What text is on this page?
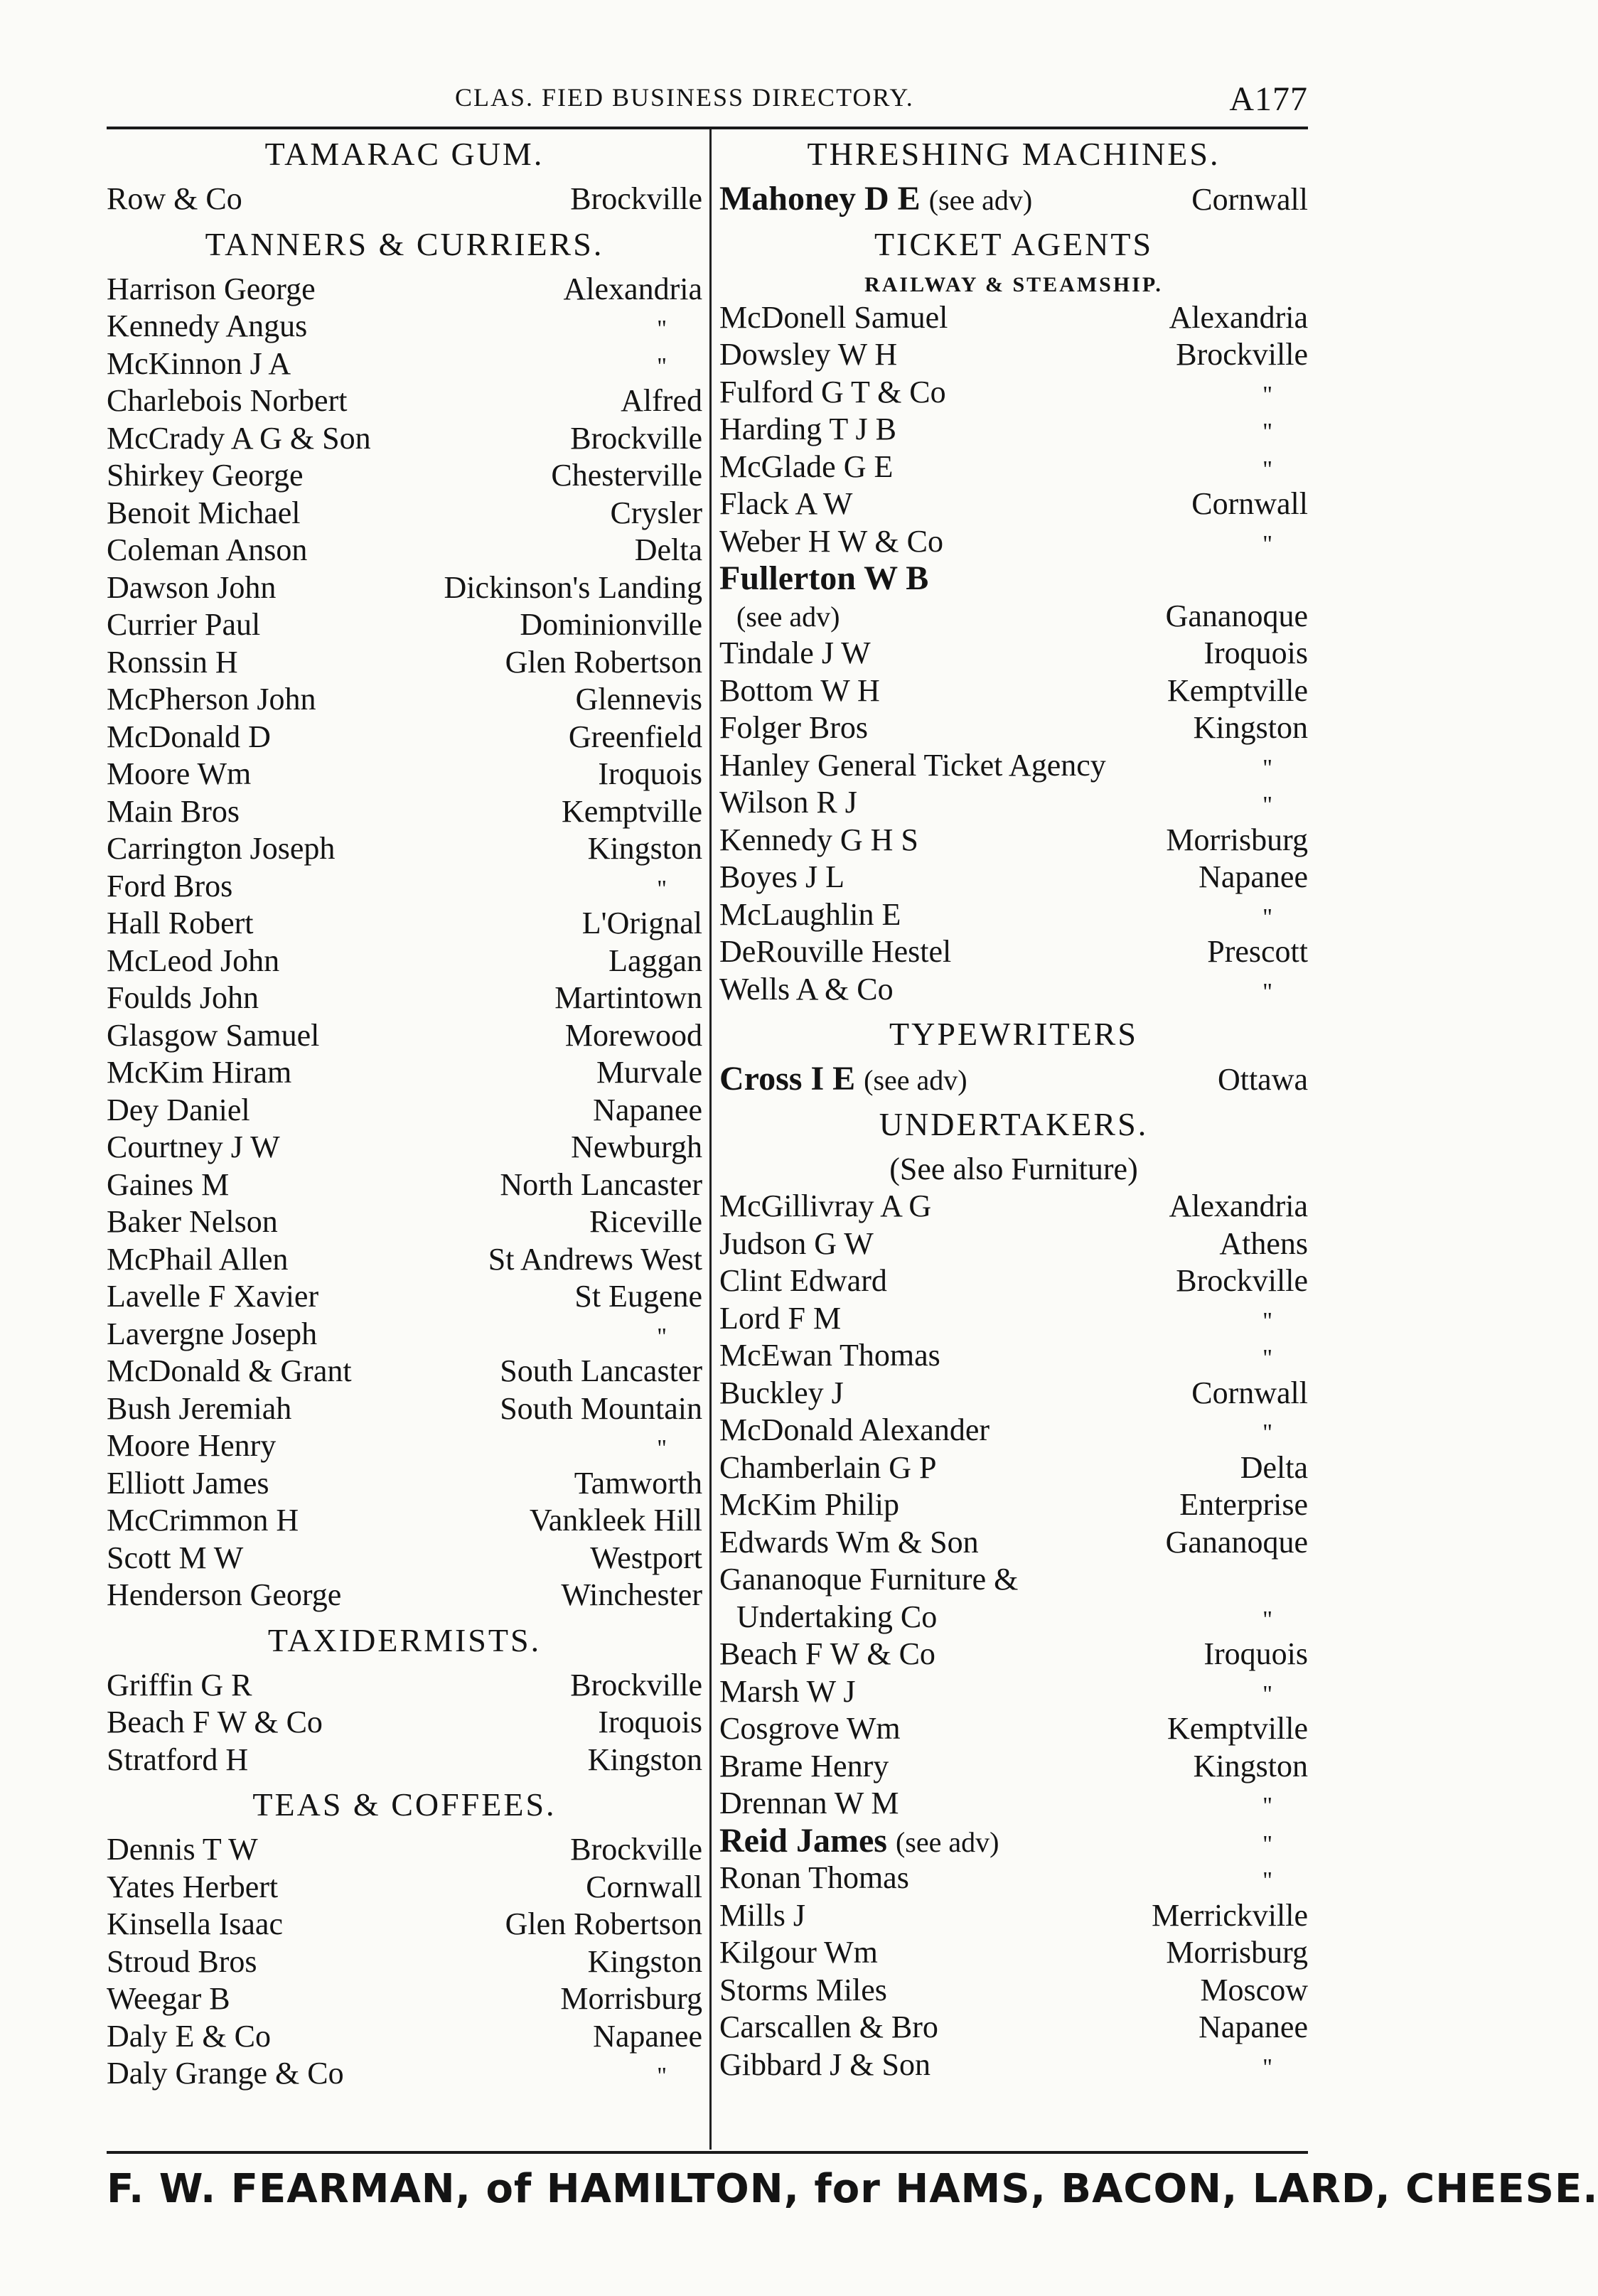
CLAS. FIED BUSINESS DIRECTORY.	A177
TAMARAC GUM.
Row & Co	Brockville
TANNERS & CURRIERS.
Harrison George	Alexandria
Kennedy Angus	"
McKinnon J A	"
Charlebois Norbert	Alfred
McCrady A G & Son	Brockville
Shirkey George	Chesterville
Benoit Michael	Crysler
Coleman Anson	Delta
Dawson John	Dickinson's Landing
Currier Paul	Dominionville
Ronssin H	Glen Robertson
McPherson John	Glennevis
McDonald D	Greenfield
Moore Wm	Iroquois
Main Bros	Kemptville
Carrington Joseph	Kingston
Ford Bros	"
Hall Robert	L'Orignal
McLeod John	Laggan
Foulds John	Martintown
Glasgow Samuel	Morewood
McKim Hiram	Murvale
Dey Daniel	Napanee
Courtney J W	Newburgh
Gaines M	North Lancaster
Baker Nelson	Riceville
McPhail Allen	St Andrews West
Lavelle F Xavier	St Eugene
Lavergne Joseph	"
McDonald & Grant	South Lancaster
Bush Jeremiah	South Mountain
Moore Henry	"
Elliott James	Tamworth
McCrimmon H	Vankleek Hill
Scott M W	Westport
Henderson George	Winchester
TAXIDERMISTS.
Griffin G R	Brockville
Beach F W & Co	Iroquois
Stratford H	Kingston
TEAS & COFFEES.
Dennis T W	Brockville
Yates Herbert	Cornwall
Kinsella Isaac	Glen Robertson
Stroud Bros	Kingston
Weegar B	Morrisburg
Daly E & Co	Napanee
Daly Grange & Co	"
THRESHING MACHINES.
Mahoney D E (see adv)	Cornwall
TICKET AGENTS
RAILWAY & STEAMSHIP.
McDonell Samuel	Alexandria
Dowsley W H	Brockville
Fulford G T & Co	"
Harding T J B	"
McGlade G E	"
Flack A W	Cornwall
Weber H W & Co	"
Fullerton W B
(see adv)	Gananoque
Tindale J W	Iroquois
Bottom W H	Kemptville
Folger Bros	Kingston
Hanley General Ticket Agency	"
Wilson R J	"
Kennedy G H S	Morrisburg
Boyes J L	Napanee
McLaughlin E	"
DeRouville Hestel	Prescott
Wells A & Co	"
TYPEWRITERS
Cross I E (see adv)	Ottawa
UNDERTAKERS.
(See also Furniture)
McGillivray A G	Alexandria
Judson G W	Athens
Clint Edward	Brockville
Lord F M	"
McEwan Thomas	"
Buckley J	Cornwall
McDonald Alexander	"
Chamberlain G P	Delta
McKim Philip	Enterprise
Edwards Wm & Son	Gananoque
Gananoque Furniture &
Undertaking Co	"
Beach F W & Co	Iroquois
Marsh W J	"
Cosgrove Wm	Kemptville
Brame Henry	Kingston
Drennan W M	"
Reid James (see adv)	"
Ronan Thomas	"
Mills J	Merrickville
Kilgour Wm	Morrisburg
Storms Miles	Moscow
Carscallen & Bro	Napanee
Gibbard J & Son	"
F. W. FEARMAN, of HAMILTON, for HAMS, BACON, LARD, CHEESE.
